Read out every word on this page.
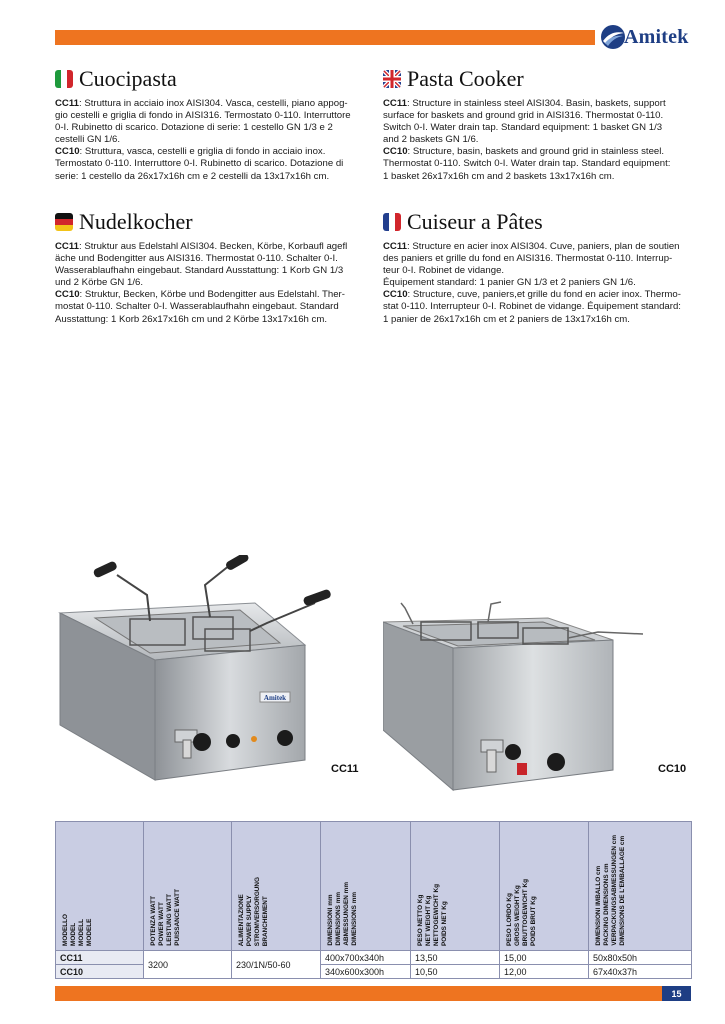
Amitek
Cuocipasta
CC11: Struttura in acciaio inox AISI304. Vasca, cestelli, piano appog-
gio cestelli e griglia di fondo in AISI316. Termostato 0-110. Interruttore
0-I. Rubinetto di scarico. Dotazione di serie: 1 cestello GN 1/3 e 2
cestelli GN 1/6.
CC10: Struttura, vasca, cestelli e griglia di fondo in acciaio inox.
Termostato 0-110. Interruttore 0-I. Rubinetto di scarico. Dotazione di
serie: 1 cestello da 26x17x16h cm e 2 cestelli da 13x17x16h cm.
Pasta Cooker
CC11: Structure in stainless steel AISI304. Basin, baskets, support
surface for baskets and ground grid in AISI316. Thermostat 0-110.
Switch 0-I. Water drain tap. Standard equipment: 1 basket GN 1/3
and 2 baskets GN 1/6.
CC10: Structure, basin, baskets and ground grid in stainless steel.
Thermostat 0-110. Switch 0-I. Water drain tap. Standard equipment:
1 basket 26x17x16h cm and 2 baskets 13x17x16h cm.
Nudelkocher
CC11: Struktur aus Edelstahl AISI304. Becken, Körbe, Korbaufl agefl
äche und Bodengitter aus AISI316. Thermostat 0-110. Schalter 0-I.
Wasserablaufhahn eingebaut. Standard Ausstattung: 1 Korb GN 1/3
und 2 Körbe GN 1/6.
CC10: Struktur, Becken, Körbe und Bodengitter aus Edelstahl. Ther-
mostat 0-110. Schalter 0-I. Wasserablaufhahn eingebaut. Standard
Ausstattung: 1 Korb 26x17x16h cm und 2 Körbe 13x17x16h cm.
Cuiseur a Pâtes
CC11: Structure en acier inox AISI304. Cuve, paniers, plan de soutien
des paniers et grille du fond en AISI316. Thermostat 0-110. Interrup-
teur 0-I. Robinet de vidange.
Équipement standard: 1 panier GN 1/3 et 2 paniers GN 1/6.
CC10: Structure, cuve, paniers,et grille du fond en acier inox. Thermo-
stat 0-110. Interrupteur 0-I. Robinet de vidange. Équipement standard:
1 panier de 26x17x16h cm et 2 paniers de 13x17x16h cm.
Amitek
CC11	CC10
MODELLO
MODEL
MODELL
MODELE	POTENZA WATT
POWER WATT
LEISTUNG WATT
PUISSANCE WATT	ALIMENTAZIONE
POWER SUPPLY
STROMVERSORGUNG
BRANCHEMENT	DIMENSIONI mm
DIMENSIONS mm
ABMESSUNGEN mm
DIMENSIONS mm	PESO NETTO Kg
NET WEIGHT Kg
NETTOGEWICHT Kg
POIDS NET Kg	PESO LORDO Kg
GROSS WEIGHT Kg
BRUTTOGEWICHT Kg
POIDS BRUT Kg	DIMENSIONI IMBALLO cm
PACKING DIMENSIONS cm
VERPACKUNGSABMESSUNGEN cm
DIMENSIONS DE L'EMBALLAGE cm

CC11	3200	230/1N/50-60	400x700x340h	13,50	15,00	50x80x50h
CC10			340x600x300h	10,50	12,00	67x40x37h
15
